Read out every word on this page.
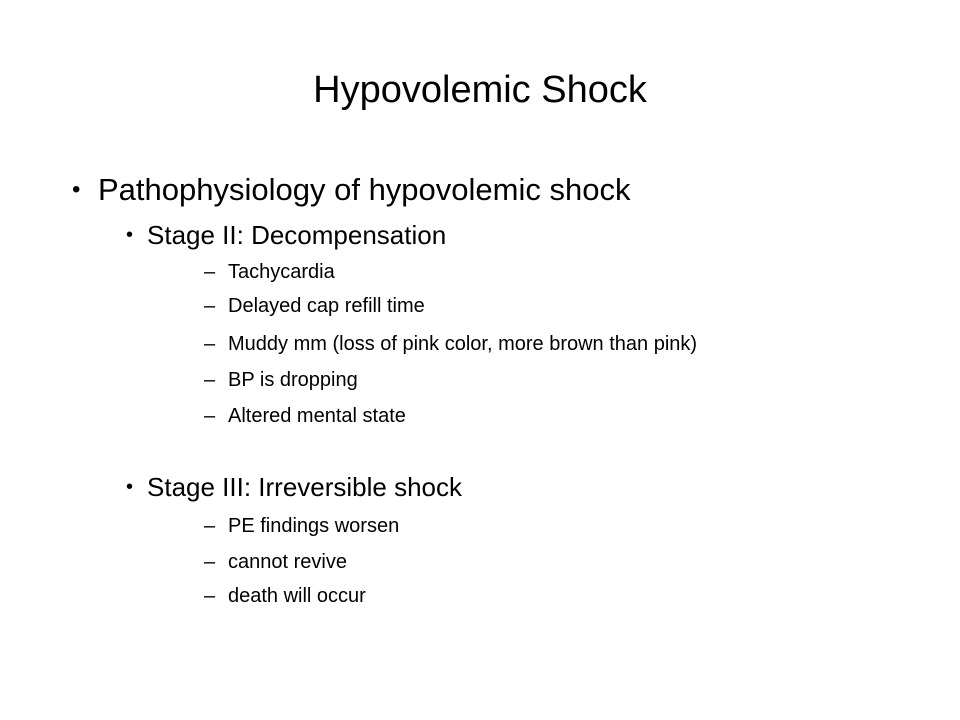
Hypovolemic Shock
• Pathophysiology of hypovolemic shock
• Stage II: Decompensation
– Tachycardia
– Delayed cap refill time
– Muddy mm (loss of pink color, more brown than pink)
– BP is dropping
– Altered mental state
• Stage III: Irreversible shock
– PE findings worsen
– cannot revive
– death will occur
